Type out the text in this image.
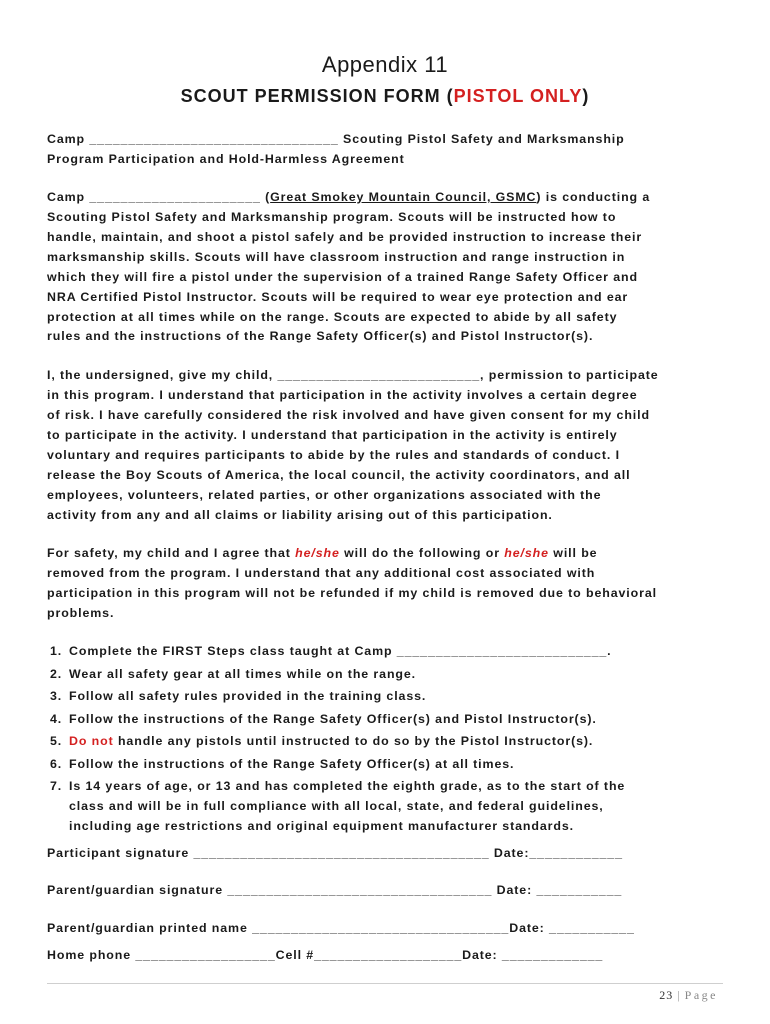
Appendix 11
SCOUT PERMISSION FORM (PISTOL ONLY)
Camp ________________________________ Scouting Pistol Safety and Marksmanship
Program Participation and Hold-Harmless Agreement
Camp ______________________ (Great Smokey Mountain Council, GSMC) is conducting a
Scouting Pistol Safety and Marksmanship program. Scouts will be instructed how to
handle, maintain, and shoot a pistol safely and be provided instruction to increase their
marksmanship skills. Scouts will have classroom instruction and range instruction in
which they will fire a pistol under the supervision of a trained Range Safety Officer and
NRA Certified Pistol Instructor. Scouts will be required to wear eye protection and ear
protection at all times while on the range. Scouts are expected to abide by all safety
rules and the instructions of the Range Safety Officer(s) and Pistol Instructor(s).
I, the undersigned, give my child, __________________________, permission to participate
in this program. I understand that participation in the activity involves a certain degree
of risk. I have carefully considered the risk involved and have given consent for my child
to participate in the activity. I understand that participation in the activity is entirely
voluntary and requires participants to abide by the rules and standards of conduct. I
release the Boy Scouts of America, the local council, the activity coordinators, and all
employees, volunteers, related parties, or other organizations associated with the
activity from any and all claims or liability arising out of this participation.
For safety, my child and I agree that he/she will do the following or he/she will be
removed from the program. I understand that any additional cost associated with
participation in this program will not be refunded if my child is removed due to behavioral
problems.
1. Complete the FIRST Steps class taught at Camp ___________________________.
2. Wear all safety gear at all times while on the range.
3. Follow all safety rules provided in the training class.
4. Follow the instructions of the Range Safety Officer(s) and Pistol Instructor(s).
5. Do not handle any pistols until instructed to do so by the Pistol Instructor(s).
6. Follow the instructions of the Range Safety Officer(s) at all times.
7. Is 14 years of age, or 13 and has completed the eighth grade, as to the start of the
class and will be in full compliance with all local, state, and federal guidelines,
including age restrictions and original equipment manufacturer standards.
Participant signature ______________________________________ Date:____________
Parent/guardian signature __________________________________ Date: ___________
Parent/guardian printed name _________________________________Date: ___________
Home phone __________________Cell #___________________Date: _____________
23 | Page
